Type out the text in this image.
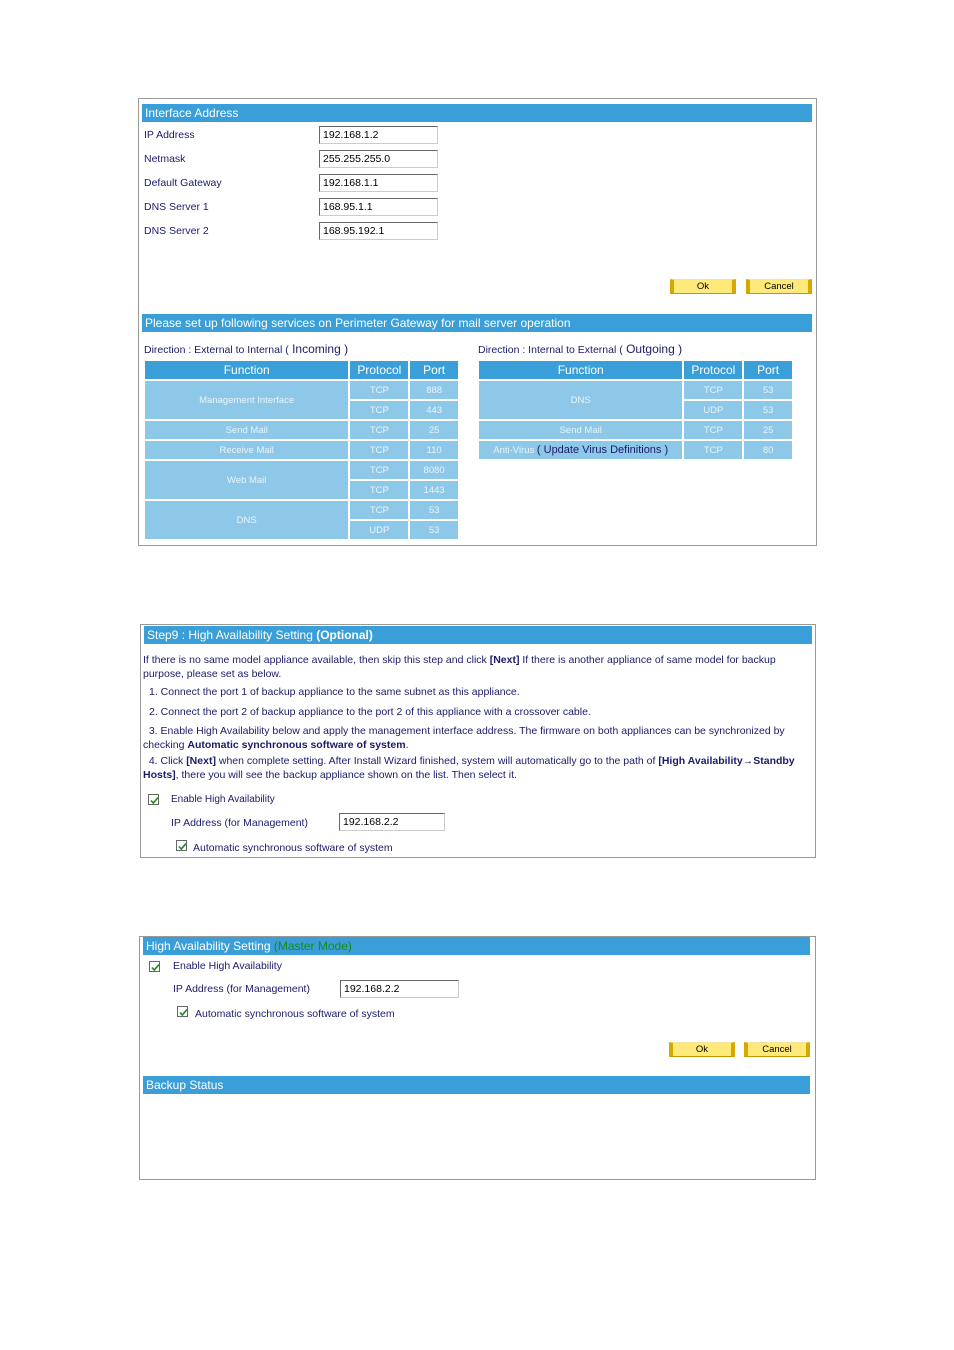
Interface Address
IP Address
192.168.1.2
Netmask
255.255.255.0
Default Gateway
192.168.1.1
DNS Server 1
168.95.1.1
DNS Server 2
168.95.192.1
Ok	Cancel
Please set up following services on Perimeter Gateway for mail server operation
Direction : External to Internal ( Incoming )	Direction : Internal to External ( Outgoing )
Function	Protocol	Port
Management Interface	TCP	888
	TCP	443
Send Mail	TCP	25
Receive Mail	TCP	110
Web Mail	TCP	8080
	TCP	1443
DNS	TCP	53
	UDP	53
Function	Protocol	Port
DNS	TCP	53
	UDP	53
Send Mail	TCP	25
Anti-Virus ( Update Virus Definitions )	TCP	80
Step9 : High Availability Setting (Optional)
If there is no same model appliance available, then skip this step and click [Next] If there is another appliance of same model for backup
purpose, please set as below.
1. Connect the port 1 of backup appliance to the same subnet as this appliance.
2. Connect the port 2 of backup appliance to the port 2 of this appliance with a crossover cable.
3. Enable High Availability below and apply the management interface address. The firmware on both appliances can be synchronized by
checking Automatic synchronous software of system.
4. Click [Next] when complete setting. After Install Wizard finished, system will automatically go to the path of [High Availability→Standby
Hosts], there you will see the backup appliance shown on the list. Then select it.
Enable High Availability
IP Address (for Management)
192.168.2.2
Automatic synchronous software of system
High Availability Setting (Master Mode)
Enable High Availability
IP Address (for Management)
192.168.2.2
Automatic synchronous software of system
Ok	Cancel
Backup Status
